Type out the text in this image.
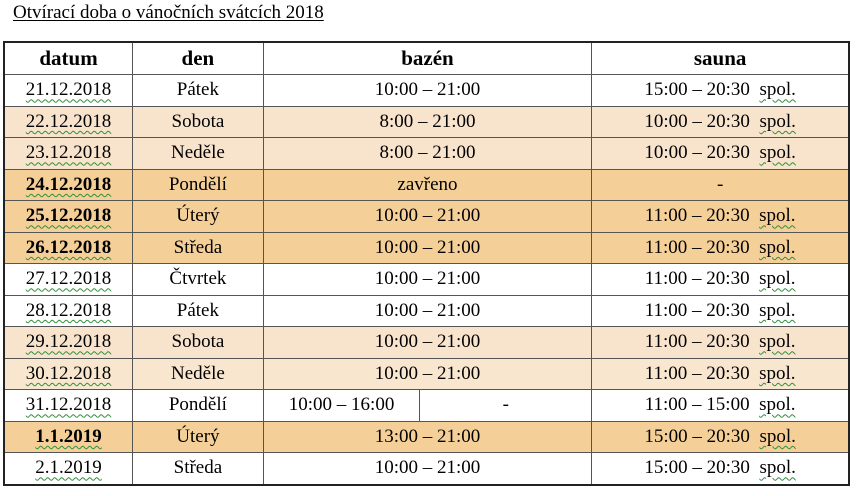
Otvírací doba o vánočních svátcích 2018
datum	den	bazén		sauna
21.12.2018	Pátek	10:00 – 21:00		15:00 – 20:30 spol.
22.12.2018	Sobota	8:00 – 21:00		10:00 – 20:30 spol.
23.12.2018	Neděle	8:00 – 21:00		10:00 – 20:30 spol.
24.12.2018	Pondělí	zavřeno		-
25.12.2018	Úterý	10:00 – 21:00		11:00 – 20:30 spol.
26.12.2018	Středa	10:00 – 21:00		11:00 – 20:30 spol.
27.12.2018	Čtvrtek	10:00 – 21:00		11:00 – 20:30 spol.
28.12.2018	Pátek	10:00 – 21:00		11:00 – 20:30 spol.
29.12.2018	Sobota	10:00 – 21:00		11:00 – 20:30 spol.
30.12.2018	Neděle	10:00 – 21:00		11:00 – 20:30 spol.
31.12.2018	Pondělí	10:00 – 16:00	-	11:00 – 15:00 spol.
1.1.2019	Úterý	13:00 – 21:00		15:00 – 20:30 spol.
2.1.2019	Středa	10:00 – 21:00		15:00 – 20:30 spol.
